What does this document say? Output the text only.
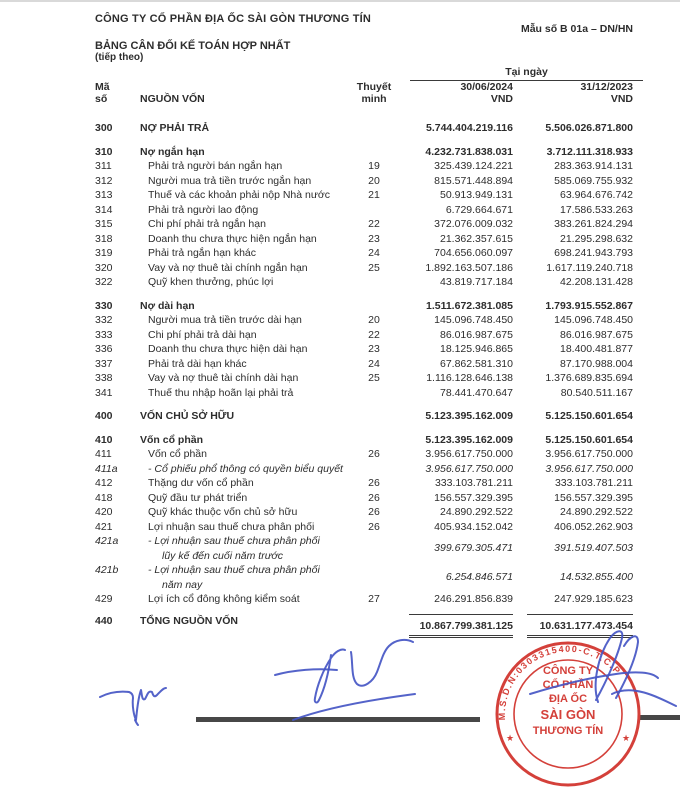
CÔNG TY CỔ PHẦN ĐỊA ỐC SÀI GÒN THƯƠNG TÍN
Mẫu số B 01a – DN/HN
BẢNG CÂN ĐỐI KẾ TOÁN HỢP NHẤT
(tiếp theo)
Tại ngày
Mã
số	NGUỒN VỐN
Thuyết
minh
30/06/2024
VND
31/12/2023
VND
300	NỢ PHẢI TRẢ	5.744.404.219.116	5.506.026.871.800
310	Nợ ngắn hạn	4.232.731.838.031	3.712.111.318.933
311	Phải trả người bán ngắn hạn	19	325.439.124.221	283.363.914.131
312	Người mua trả tiền trước ngắn hạn	20	815.571.448.894	585.069.755.932
313	Thuế và các khoản phải nộp Nhà nước	21	50.913.949.131	63.964.676.742
314	Phải trả người lao động	6.729.664.671	17.586.533.263
315	Chi phí phải trả ngắn hạn	22	372.076.009.032	383.261.824.294
318	Doanh thu chưa thực hiện ngắn hạn	23	21.362.357.615	21.295.298.632
319	Phải trả ngắn hạn khác	24	704.656.060.097	698.241.943.793
320	Vay và nợ thuê tài chính ngắn hạn	25	1.892.163.507.186	1.617.119.240.718
322	Quỹ khen thưởng, phúc lợi	43.819.717.184	42.208.131.428
330	Nợ dài hạn	1.511.672.381.085	1.793.915.552.867
332	Người mua trả tiền trước dài hạn	20	145.096.748.450	145.096.748.450
333	Chi phí phải trả dài hạn	22	86.016.987.675	86.016.987.675
336	Doanh thu chưa thực hiện dài hạn	23	18.125.946.865	18.400.481.877
337	Phải trả dài hạn khác	24	67.862.581.310	87.170.988.004
338	Vay và nợ thuê tài chính dài hạn	25	1.116.128.646.138	1.376.689.835.694
341	Thuế thu nhập hoãn lại phải trả	78.441.470.647	80.540.511.167
400	VỐN CHỦ SỞ HỮU	5.123.395.162.009	5.125.150.601.654
410	Vốn cổ phần	5.123.395.162.009	5.125.150.601.654
411	Vốn cổ phần	26	3.956.617.750.000	3.956.617.750.000
411a	- Cổ phiếu phổ thông có quyền biểu quyết	3.956.617.750.000	3.956.617.750.000
412	Thặng dư vốn cổ phần	26	333.103.781.211	333.103.781.211
418	Quỹ đầu tư phát triển	26	156.557.329.395	156.557.329.395
420	Quỹ khác thuộc vốn chủ sở hữu	26	24.890.292.522	24.890.292.522
421	Lợi nhuận sau thuế chưa phân phối	26	405.934.152.042	406.052.262.903
421a	- Lợi nhuận sau thuế chưa phân phối
lũy kế đến cuối năm trước
399.679.305.471	391.519.407.503
421b	- Lợi nhuận sau thuế chưa phân phối
năm nay
6.254.846.571	14.532.855.400
429	Lợi ích cổ đông không kiểm soát	27	246.291.856.839	247.929.185.623
440	TỔNG NGUỒN VỐN	10.867.799.381.125	10.631.177.473.454
M.S.D.N:0303315400-C.T.C.P
★	★
CÔNG TY
CỔ PHẦN
ĐỊA ỐC
SÀI GÒN
THƯƠNG TÍN
